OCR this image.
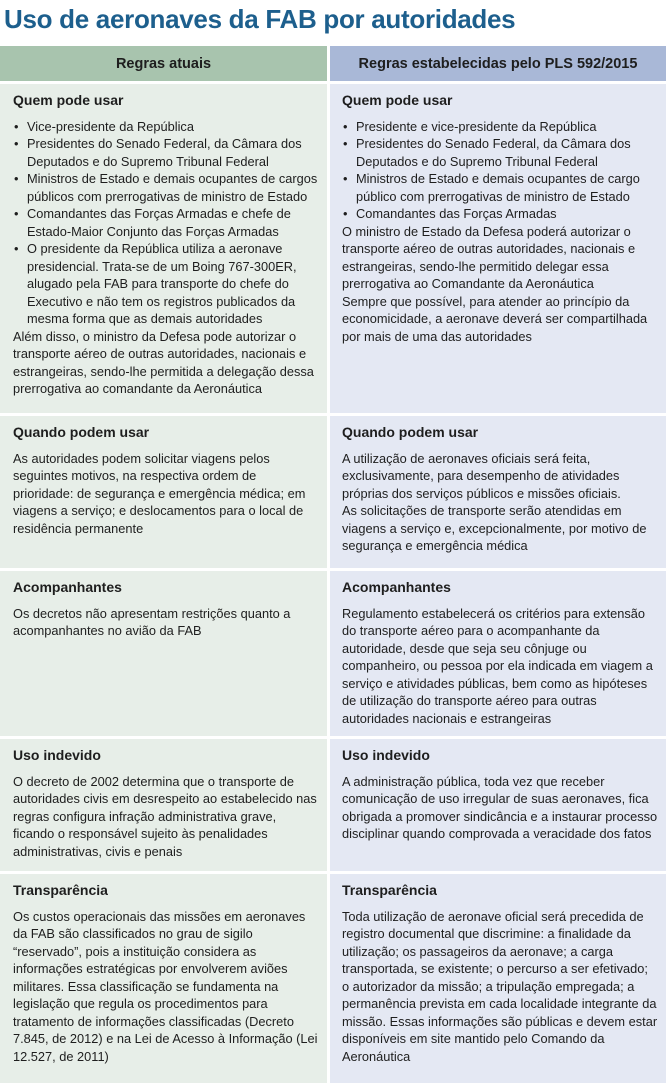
Uso de aeronaves da FAB por autoridades
Regras atuais	Regras estabelecidas pelo PLS 592/2015
Quem pode usar
• Vice-presidente da República
• Presidentes do Senado Federal, da Câmara dos Deputados e do Supremo Tribunal Federal
• Ministros de Estado e demais ocupantes de cargos públicos com prerrogativas de ministro de Estado
• Comandantes das Forças Armadas e chefe de Estado-Maior Conjunto das Forças Armadas
• O presidente da República utiliza a aeronave presidencial. Trata-se de um Boing 767-300ER, alugado pela FAB para transporte do chefe do Executivo e não tem os registros publicados da mesma forma que as demais autoridades

Além disso, o ministro da Defesa pode autorizar o transporte aéreo de outras autoridades, nacionais e estrangeiras, sendo-lhe permitida a delegação dessa prerrogativa ao comandante da Aeronáutica

Quem pode usar
• Presidente e vice-presidente da República
• Presidentes do Senado Federal, da Câmara dos Deputados e do Supremo Tribunal Federal
• Ministros de Estado e demais ocupantes de cargo público com prerrogativas de ministro de Estado
• Comandantes das Forças Armadas

O ministro de Estado da Defesa poderá autorizar o transporte aéreo de outras autoridades, nacionais e estrangeiras, sendo-lhe permitido delegar essa prerrogativa ao Comandante da Aeronáutica

Sempre que possível, para atender ao princípio da economicidade, a aeronave deverá ser compartilhada por mais de uma das autoridades

Quando podem usar

As autoridades podem solicitar viagens pelos seguintes motivos, na respectiva ordem de prioridade: de segurança e emergência médica; em viagens a serviço; e deslocamentos para o local de residência permanente

Quando podem usar

A utilização de aeronaves oficiais será feita, exclusivamente, para desempenho de atividades próprias dos serviços públicos e missões oficiais.

As solicitações de transporte serão atendidas em viagens a serviço e, excepcionalmente, por motivo de segurança e emergência médica

Acompanhantes

Os decretos não apresentam restrições quanto a acompanhantes no avião da FAB

Acompanhantes

Regulamento estabelecerá os critérios para extensão do transporte aéreo para o acompanhante da autoridade, desde que seja seu cônjuge ou companheiro, ou pessoa por ela indicada em viagem a serviço e atividades públicas, bem como as hipóteses de utilização do transporte aéreo para outras autoridades nacionais e estrangeiras

Uso indevido

O decreto de 2002 determina que o transporte de autoridades civis em desrespeito ao estabelecido nas regras configura infração administrativa grave, ficando o responsável sujeito às penalidades administrativas, civis e penais

Uso indevido

A administração pública, toda vez que receber comunicação de uso irregular de suas aeronaves, fica obrigada a promover sindicância e a instaurar processo disciplinar quando comprovada a veracidade dos fatos

Transparência

Os custos operacionais das missões em aeronaves da FAB são classificados no grau de sigilo “reservado”, pois a instituição considera as informações estratégicas por envolverem aviões militares. Essa classificação se fundamenta na legislação que regula os procedimentos para tratamento de informações classificadas (Decreto 7.845, de 2012) e na Lei de Acesso à Informação (Lei 12.527, de 2011)

Transparência

Toda utilização de aeronave oficial será precedida de registro documental que discrimine: a finalidade da utilização; os passageiros da aeronave; a carga transportada, se existente; o percurso a ser efetivado; o autorizador da missão; a tripulação empregada; a permanência prevista em cada localidade integrante da missão. Essas informações são públicas e devem estar disponíveis em site mantido pelo Comando da Aeronáutica
